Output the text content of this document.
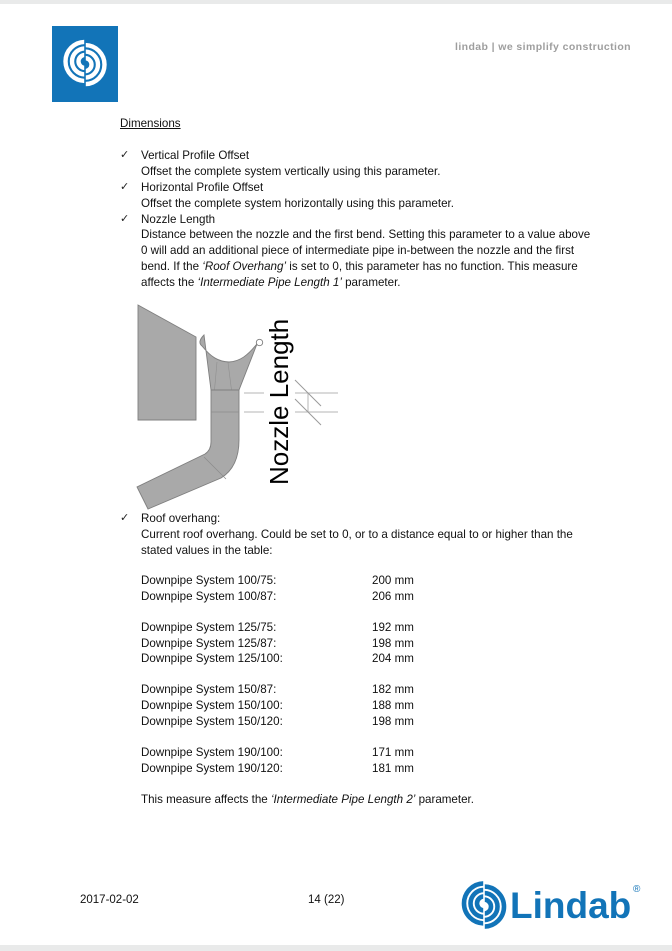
lindab | we simplify construction
Dimensions
✓	Vertical Profile Offset
Offset the complete system vertically using this parameter.
✓	Horizontal Profile Offset
Offset the complete system horizontally using this parameter.
✓	Nozzle Length
Distance between the nozzle and the first bend. Setting this parameter to a value above 0 will add an additional piece of intermediate pipe in-between the nozzle and the first bend. If the ‘Roof Overhang’ is set to 0, this parameter has no function. This measure affects the ‘Intermediate Pipe Length 1’ parameter.
Nozzle Length
✓	Roof overhang:
Current roof overhang. Could be set to 0, or to a distance equal to or higher than the stated values in the table:
Downpipe System 100/75:	200 mm
Downpipe System 100/87:	206 mm
Downpipe System 125/75:	192 mm
Downpipe System 125/87:	198 mm
Downpipe System 125/100:	204 mm
Downpipe System 150/87:	182 mm
Downpipe System 150/100:	188 mm
Downpipe System 150/120:	198 mm
Downpipe System 190/100:	171 mm
Downpipe System 190/120:	181 mm
This measure affects the ‘Intermediate Pipe Length 2’ parameter.
2017-02-02	14 (22)	Lindab ®
